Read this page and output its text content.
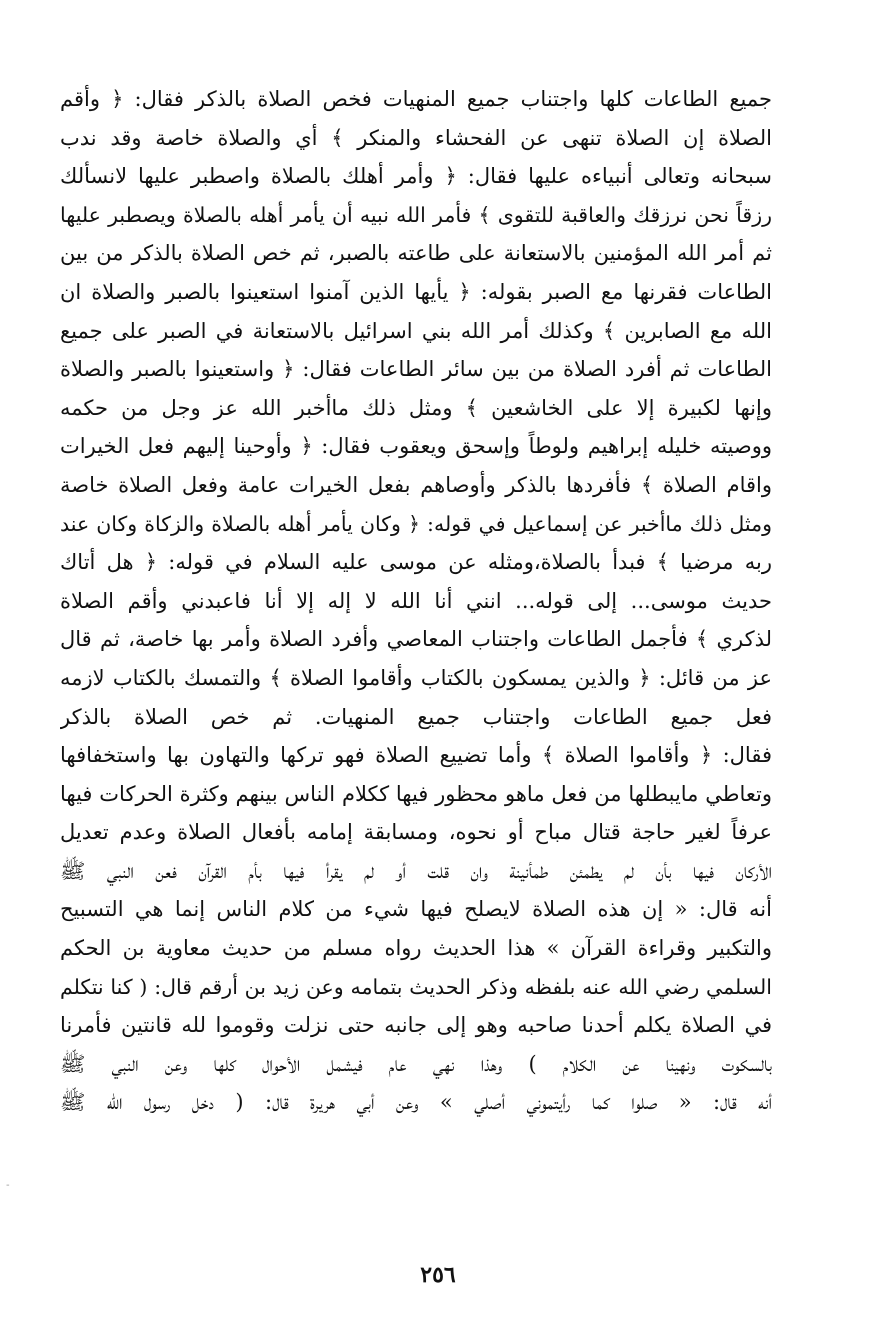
جميع الطاعات كلها واجتناب جميع المنهيات فخص الصلاة بالذكر فقال: ﴿ وأقم
الصلاة إن الصلاة تنهى عن الفحشاء والمنكر ﴾ أي والصلاة خاصة وقد ندب
سبحانه وتعالى أنبياءه عليها فقال: ﴿ وأمر أهلك بالصلاة واصطبر عليها لانسألك
رزقاً نحن نرزقك والعاقبة للتقوى ﴾ فأمر الله نبيه أن يأمر أهله بالصلاة ويصطبر عليها
ثم أمر الله المؤمنين بالاستعانة على طاعته بالصبر، ثم خص الصلاة بالذكر من بين
الطاعات فقرنها مع الصبر بقوله: ﴿ يأيها الذين آمنوا استعينوا بالصبر والصلاة ان
الله مع الصابرين ﴾ وكذلك أمر الله بني اسرائيل بالاستعانة في الصبر على جميع
الطاعات ثم أفرد الصلاة من بين سائر الطاعات فقال: ﴿ واستعينوا بالصبر والصلاة
وإنها لكبيرة إلا على الخاشعين ﴾ ومثل ذلك ماأخبر الله عز وجل من حكمه
ووصيته خليله إبراهيم ولوطاً وإسحق ويعقوب فقال: ﴿ وأوحينا إليهم فعل الخيرات
واقام الصلاة ﴾ فأفردها بالذكر وأوصاهم بفعل الخيرات عامة وفعل الصلاة خاصة
ومثل ذلك ماأخبر عن إسماعيل في قوله: ﴿ وكان يأمر أهله بالصلاة والزكاة وكان عند
ربه مرضيا ﴾ فبدأ بالصلاة،ومثله عن موسى عليه السلام في قوله: ﴿ هل أتاك
حديث موسى... إلى قوله... انني أنا الله لا إله إلا أنا فاعبدني وأقم الصلاة
لذكري ﴾ فأجمل الطاعات واجتناب المعاصي وأفرد الصلاة وأمر بها خاصة، ثم قال
عز من قائل: ﴿ والذين يمسكون بالكتاب وأقاموا الصلاة ﴾ والتمسك بالكتاب لازمه
فعل جميع الطاعات واجتناب جميع المنهيات. ثم خص الصلاة بالذكر
فقال: ﴿ وأقاموا الصلاة ﴾ وأما تضييع الصلاة فهو تركها والتهاون بها واستخفافها
وتعاطي مايبطلها من فعل ماهو محظور فيها ككلام الناس بينهم وكثرة الحركات فيها
عرفاً لغير حاجة قتال مباح أو نحوه، ومسابقة إمامه بأفعال الصلاة وعدم تعديل
الأركان فيها بأن لم يطمئن طمأنينة وان قلت أو لم يقرأ فيها بأم القرآن فعن النبي ﷺ
أنه قال: « إن هذه الصلاة لايصلح فيها شيء من كلام الناس إنما هي التسبيح
والتكبير وقراءة القرآن » هذا الحديث رواه مسلم من حديث معاوية بن الحكم
السلمي رضي الله عنه بلفظه وذكر الحديث بتمامه وعن زيد بن أرقم قال: ( كنا نتكلم
في الصلاة يكلم أحدنا صاحبه وهو إلى جانبه حتى نزلت وقوموا لله قانتين فأمرنا
بالسكوت ونهينا عن الكلام ) وهذا نهي عام فيشمل الأحوال كلها وعن النبي ﷺ
أنه قال: « صلوا كما رأيتموني أصلي » وعن أبي هريرة قال: ( دخل رسول الله ﷺ
٢٥٦
-
